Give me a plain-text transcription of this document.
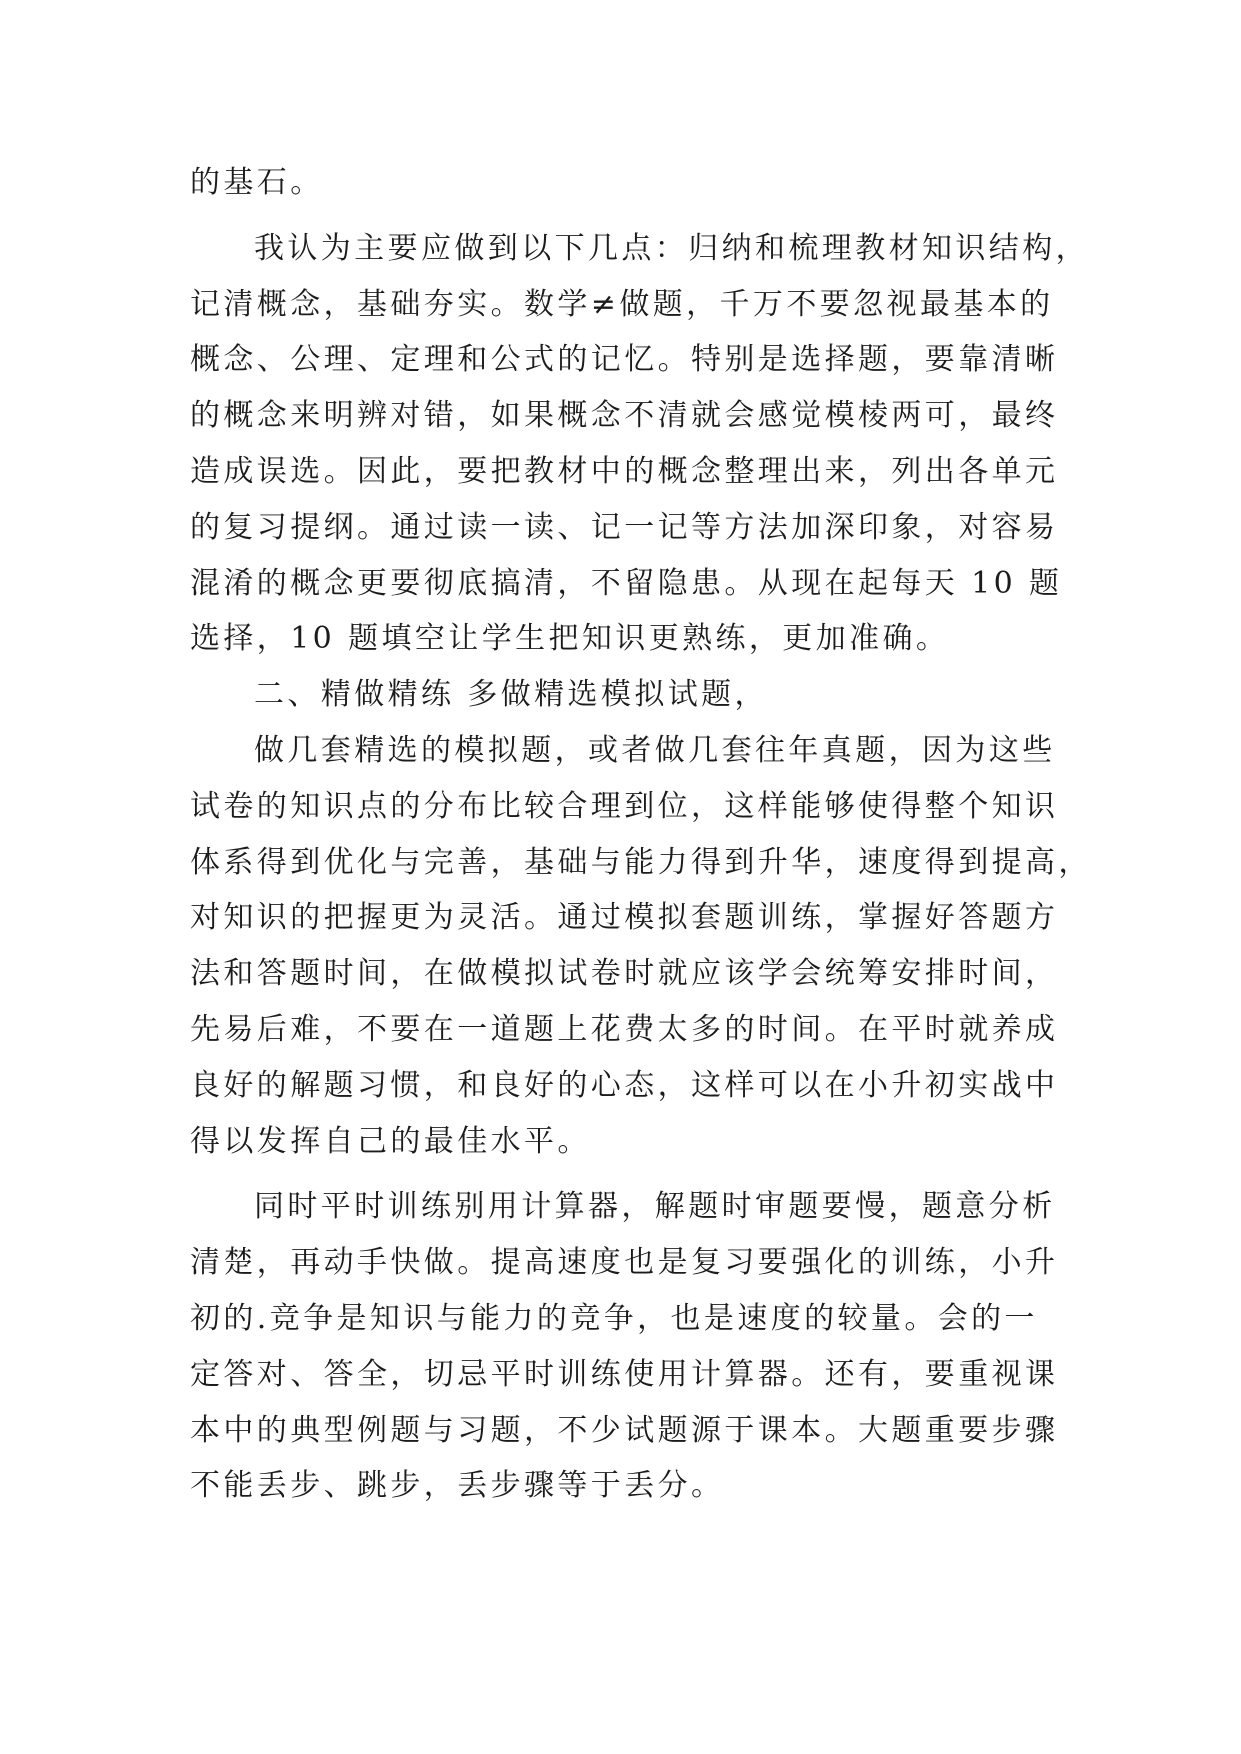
的基石。
我认为主要应做到以下几点：归纳和梳理教材知识结构，
记清概念，基础夯实。数学≠做题，千万不要忽视最基本的
概念、公理、定理和公式的记忆。特别是选择题，要靠清晰
的概念来明辨对错，如果概念不清就会感觉模棱两可，最终
造成误选。因此，要把教材中的概念整理出来，列出各单元
的复习提纲。通过读一读、记一记等方法加深印象，对容易
混淆的概念更要彻底搞清，不留隐患。从现在起每天 10 题
选择，10 题填空让学生把知识更熟练，更加准确。
二、精做精练 多做精选模拟试题，
做几套精选的模拟题，或者做几套往年真题，因为这些
试卷的知识点的分布比较合理到位，这样能够使得整个知识
体系得到优化与完善，基础与能力得到升华，速度得到提高，
对知识的把握更为灵活。通过模拟套题训练，掌握好答题方
法和答题时间，在做模拟试卷时就应该学会统筹安排时间，
先易后难，不要在一道题上花费太多的时间。在平时就养成
良好的解题习惯，和良好的心态，这样可以在小升初实战中
得以发挥自己的最佳水平。
同时平时训练别用计算器，解题时审题要慢，题意分析
清楚，再动手快做。提高速度也是复习要强化的训练，小升
初的.竞争是知识与能力的竞争，也是速度的较量。会的一
定答对、答全，切忌平时训练使用计算器。还有，要重视课
本中的典型例题与习题，不少试题源于课本。大题重要步骤
不能丢步、跳步，丢步骤等于丢分。
